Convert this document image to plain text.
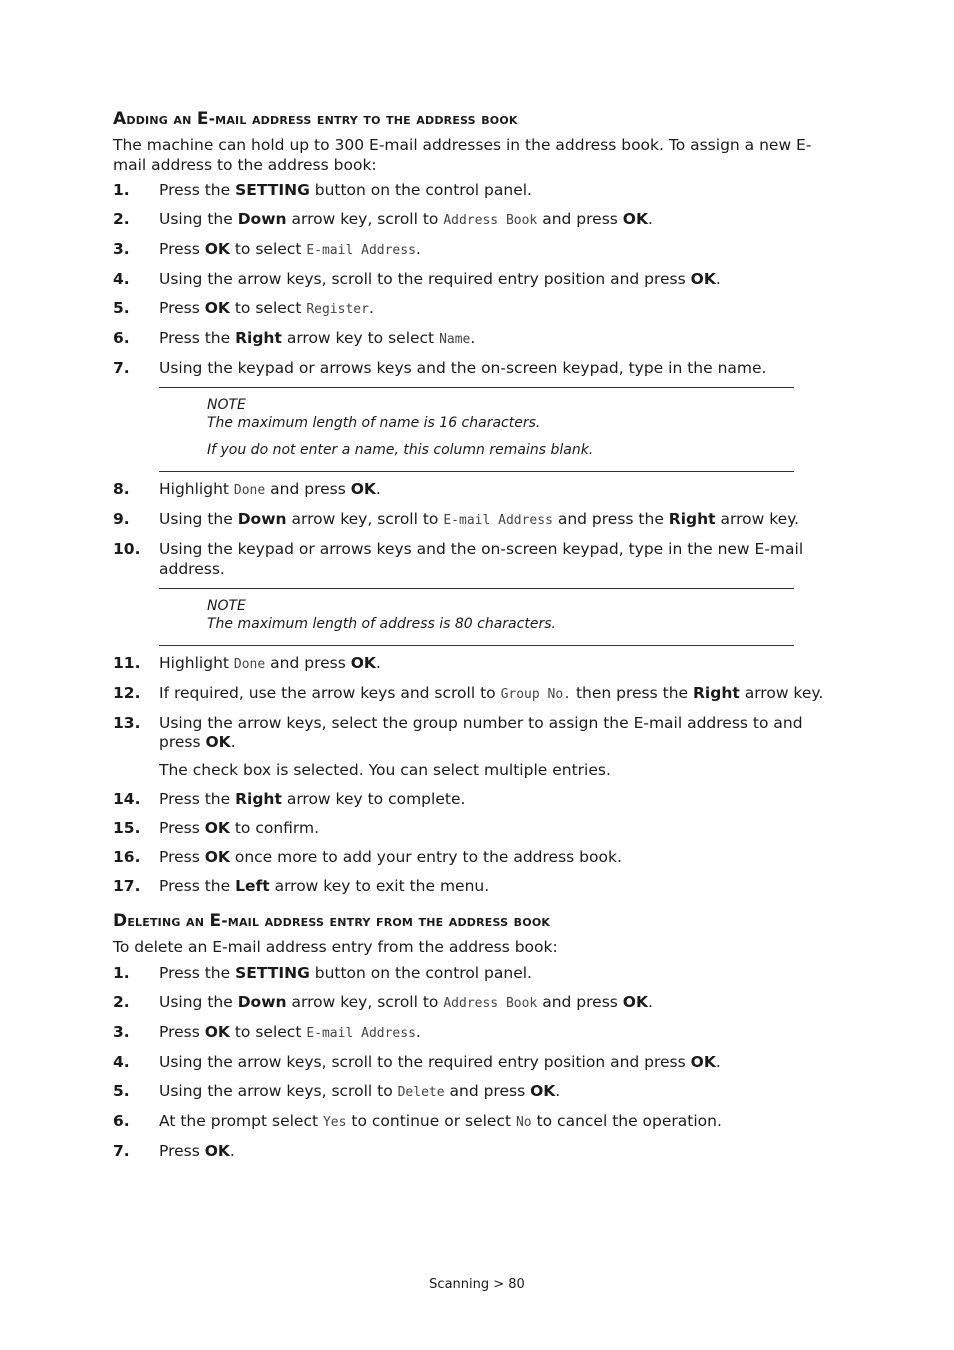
Adding an E-mail address entry to the address book

The machine can hold up to 300 E-mail addresses in the address book. To assign a new E-mail address to the address book:

1. Press the SETTING button on the control panel.
2. Using the Down arrow key, scroll to Address Book and press OK.
3. Press OK to select E-mail Address.
4. Using the arrow keys, scroll to the required entry position and press OK.
5. Press OK to select Register.
6. Press the Right arrow key to select Name.
7. Using the keypad or arrows keys and the on-screen keypad, type in the name.

NOTE

The maximum length of name is 16 characters.

If you do not enter a name, this column remains blank.

8. Highlight Done and press OK.
9. Using the Down arrow key, scroll to E-mail Address and press the Right arrow key.
10. Using the keypad or arrows keys and the on-screen keypad, type in the new E-mail address.

NOTE

The maximum length of address is 80 characters.

11. Highlight Done and press OK.
12. If required, use the arrow keys and scroll to Group No. then press the Right arrow key.
13. Using the arrow keys, select the group number to assign the E-mail address to and press OK.
The check box is selected. You can select multiple entries.
14. Press the Right arrow key to complete.
15. Press OK to confirm.
16. Press OK once more to add your entry to the address book.
17. Press the Left arrow key to exit the menu.
Deleting an E-mail address entry from the address book

To delete an E-mail address entry from the address book:

1. Press the SETTING button on the control panel.
2. Using the Down arrow key, scroll to Address Book and press OK.
3. Press OK to select E-mail Address.
4. Using the arrow keys, scroll to the required entry position and press OK.
5. Using the arrow keys, scroll to Delete and press OK.
6. At the prompt select Yes to continue or select No to cancel the operation.
7. Press OK.
Scanning > 80
